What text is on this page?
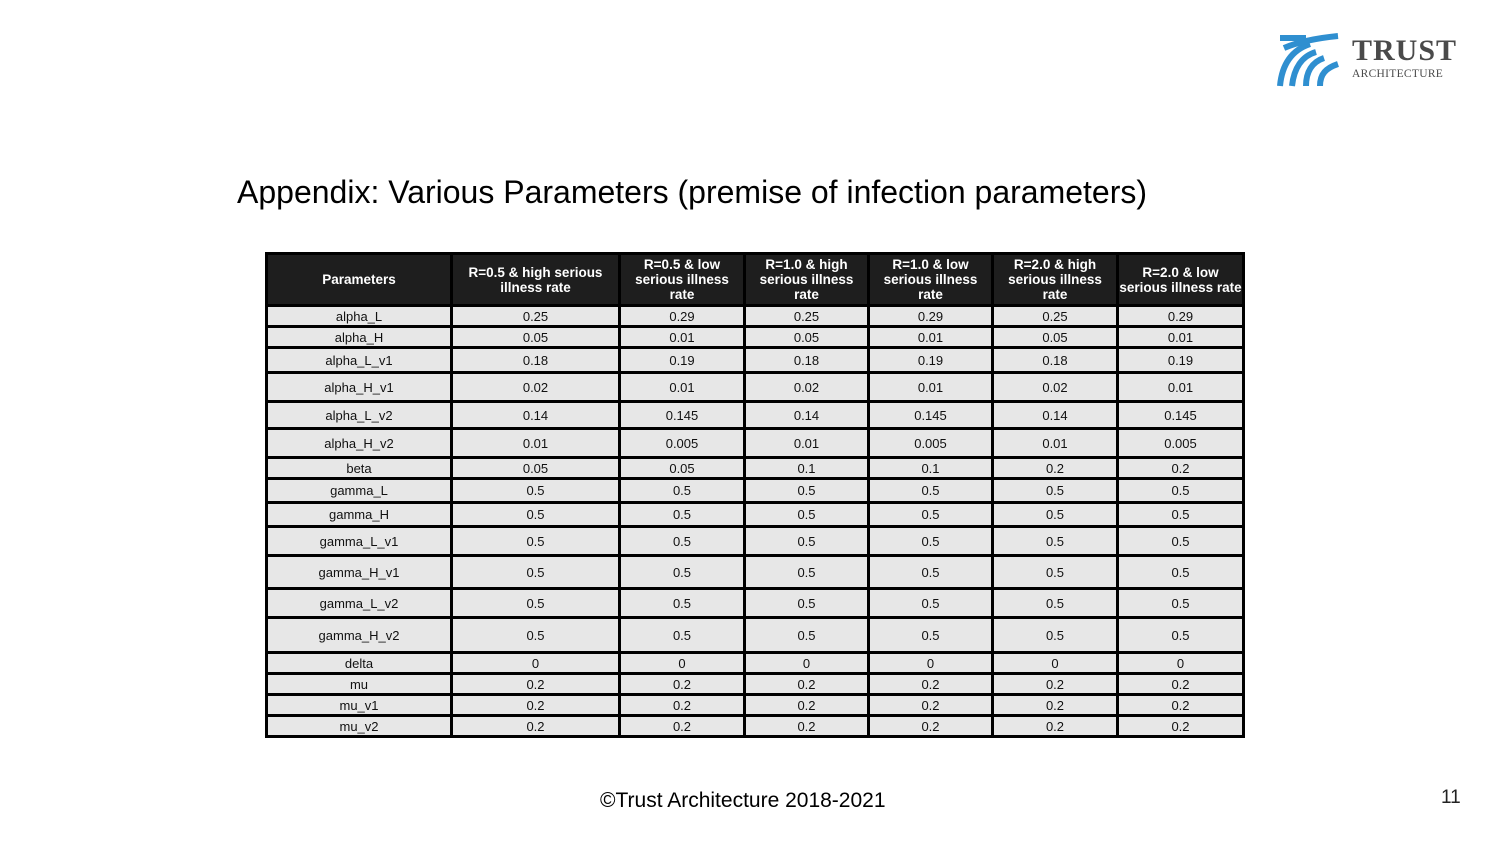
TRUST
ARCHITECTURE
Appendix: Various Parameters (premise of infection parameters)
Parameters	R=0.5 & high serious illness rate	R=0.5 & low serious illness rate	R=1.0 & high serious illness rate	R=1.0 & low serious illness rate	R=2.0 & high serious illness rate	R=2.0 & low serious illness rate
alpha_L	0.25	0.29	0.25	0.29	0.25	0.29
alpha_H	0.05	0.01	0.05	0.01	0.05	0.01
alpha_L_v1	0.18	0.19	0.18	0.19	0.18	0.19
alpha_H_v1	0.02	0.01	0.02	0.01	0.02	0.01
alpha_L_v2	0.14	0.145	0.14	0.145	0.14	0.145
alpha_H_v2	0.01	0.005	0.01	0.005	0.01	0.005
beta	0.05	0.05	0.1	0.1	0.2	0.2
gamma_L	0.5	0.5	0.5	0.5	0.5	0.5
gamma_H	0.5	0.5	0.5	0.5	0.5	0.5
gamma_L_v1	0.5	0.5	0.5	0.5	0.5	0.5
gamma_H_v1	0.5	0.5	0.5	0.5	0.5	0.5
gamma_L_v2	0.5	0.5	0.5	0.5	0.5	0.5
gamma_H_v2	0.5	0.5	0.5	0.5	0.5	0.5
delta	0	0	0	0	0	0
mu	0.2	0.2	0.2	0.2	0.2	0.2
mu_v1	0.2	0.2	0.2	0.2	0.2	0.2
mu_v2	0.2	0.2	0.2	0.2	0.2	0.2
©Trust Architecture 2018-2021	11
